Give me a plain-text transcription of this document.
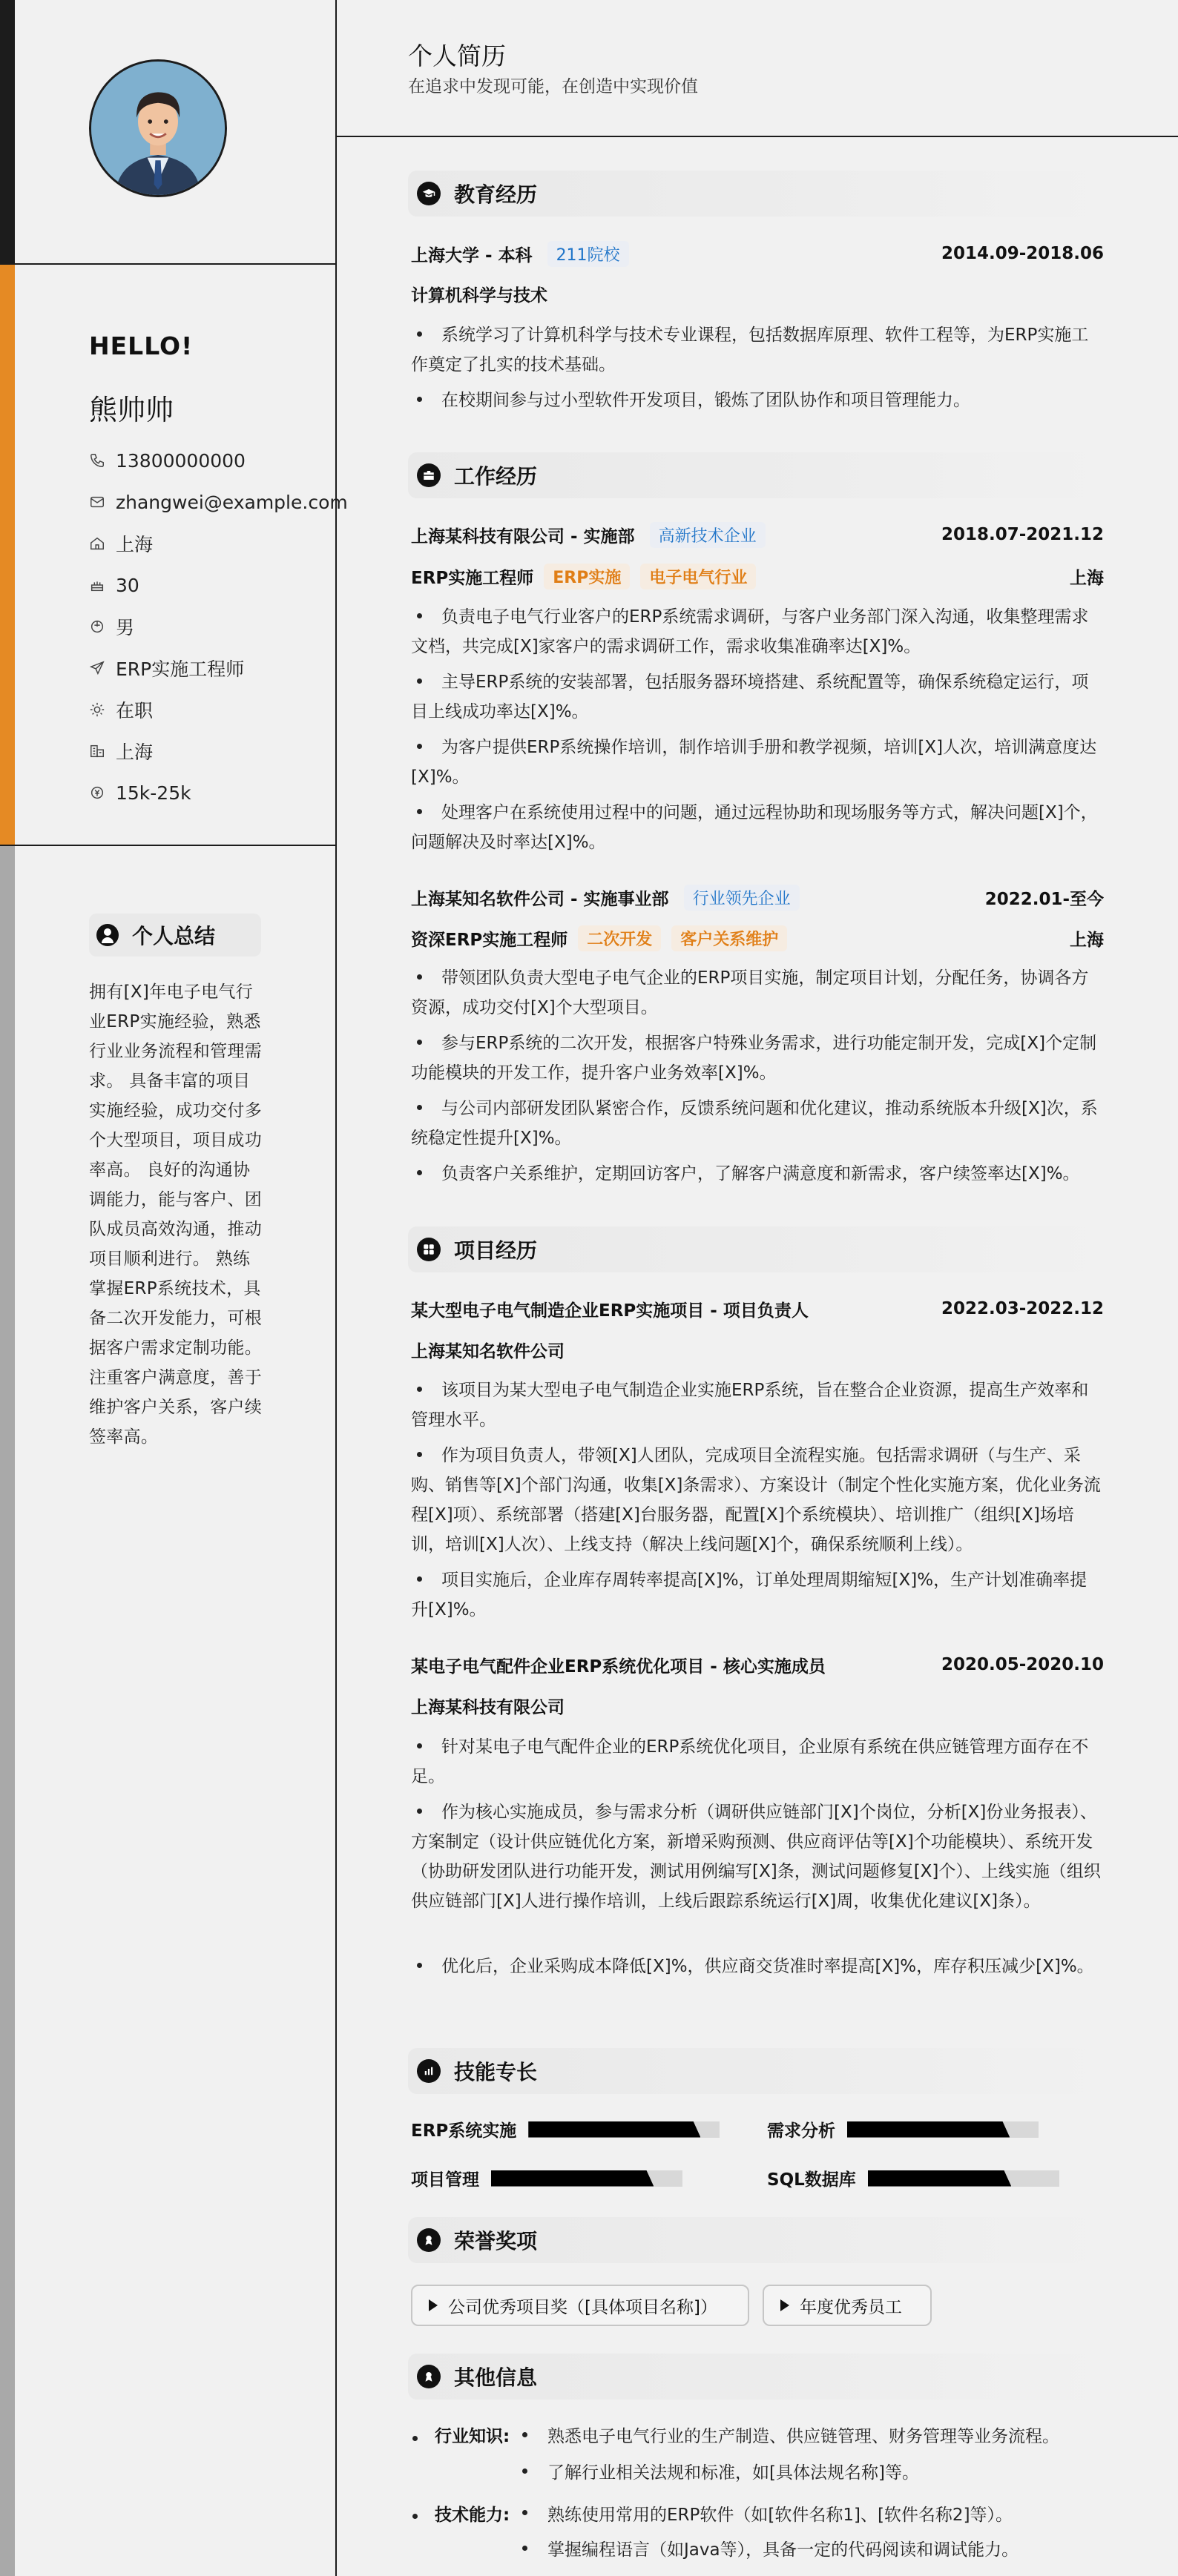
HELLO!
熊帅帅
13800000000
zhangwei@example.com
上海
30
男
ERP实施工程师
在职
上海
15k-25k
个人总结
拥有[X]年电子电气行业ERP实施经验，熟悉行业业务流程和管理需求。 具备丰富的项目实施经验，成功交付多个大型项目，项目成功率高。 良好的沟通协调能力，能与客户、团队成员高效沟通，推动项目顺利进行。 熟练掌握ERP系统技术，具备二次开发能力，可根据客户需求定制功能。 注重客户满意度，善于维护客户关系，客户续签率高。
个人简历
在追求中发现可能，在创造中实现价值
教育经历
上海大学 - 本科	211院校	2014.09-2018.06
计算机科学与技术
系统学习了计算机科学与技术专业课程，包括数据库原理、软件工程等，为ERP实施工作奠定了扎实的技术基础。
在校期间参与过小型软件开发项目，锻炼了团队协作和项目管理能力。
工作经历
上海某科技有限公司 - 实施部	高新技术企业	2018.07-2021.12
ERP实施工程师	ERP实施	电子电气行业	上海
负责电子电气行业客户的ERP系统需求调研，与客户业务部门深入沟通，收集整理需求文档，共完成[X]家客户的需求调研工作，需求收集准确率达[X]%。
主导ERP系统的安装部署，包括服务器环境搭建、系统配置等，确保系统稳定运行，项目上线成功率达[X]%。
为客户提供ERP系统操作培训，制作培训手册和教学视频，培训[X]人次，培训满意度达[X]%。
处理客户在系统使用过程中的问题，通过远程协助和现场服务等方式，解决问题[X]个，问题解决及时率达[X]%。
上海某知名软件公司 - 实施事业部	行业领先企业	2022.01-至今
资深ERP实施工程师	二次开发	客户关系维护	上海
带领团队负责大型电子电气企业的ERP项目实施，制定项目计划，分配任务，协调各方资源，成功交付[X]个大型项目。
参与ERP系统的二次开发，根据客户特殊业务需求，进行功能定制开发，完成[X]个定制功能模块的开发工作，提升客户业务效率[X]%。
与公司内部研发团队紧密合作，反馈系统问题和优化建议，推动系统版本升级[X]次，系统稳定性提升[X]%。
负责客户关系维护，定期回访客户，了解客户满意度和新需求，客户续签率达[X]%。
项目经历
某大型电子电气制造企业ERP实施项目 - 项目负责人	2022.03-2022.12
上海某知名软件公司
该项目为某大型电子电气制造企业实施ERP系统，旨在整合企业资源，提高生产效率和管理水平。
作为项目负责人，带领[X]人团队，完成项目全流程实施。包括需求调研（与生产、采购、销售等[X]个部门沟通，收集[X]条需求）、方案设计（制定个性化实施方案，优化业务流程[X]项）、系统部署（搭建[X]台服务器，配置[X]个系统模块）、培训推广（组织[X]场培训，培训[X]人次）、上线支持（解决上线问题[X]个，确保系统顺利上线）。
项目实施后，企业库存周转率提高[X]%，订单处理周期缩短[X]%，生产计划准确率提升[X]%。
某电子电气配件企业ERP系统优化项目 - 核心实施成员	2020.05-2020.10
上海某科技有限公司
针对某电子电气配件企业的ERP系统优化项目，企业原有系统在供应链管理方面存在不足。
作为核心实施成员，参与需求分析（调研供应链部门[X]个岗位，分析[X]份业务报表）、方案制定（设计供应链优化方案，新增采购预测、供应商评估等[X]个功能模块）、系统开发（协助研发团队进行功能开发，测试用例编写[X]条，测试问题修复[X]个）、上线实施（组织供应链部门[X]人进行操作培训，上线后跟踪系统运行[X]周，收集优化建议[X]条）。
优化后，企业采购成本降低[X]%，供应商交货准时率提高[X]%，库存积压减少[X]%。
技能专长
ERP系统实施	需求分析
项目管理	SQL数据库
荣誉奖项
公司优秀项目奖（[具体项目名称]）	年度优秀员工
其他信息
行业知识: 熟悉电子电气行业的生产制造、供应链管理、财务管理等业务流程。
了解行业相关法规和标准，如[具体法规名称]等。
技术能力: 熟练使用常用的ERP软件（如[软件名称1]、[软件名称2]等）。
掌握编程语言（如Java等），具备一定的代码阅读和调试能力。
